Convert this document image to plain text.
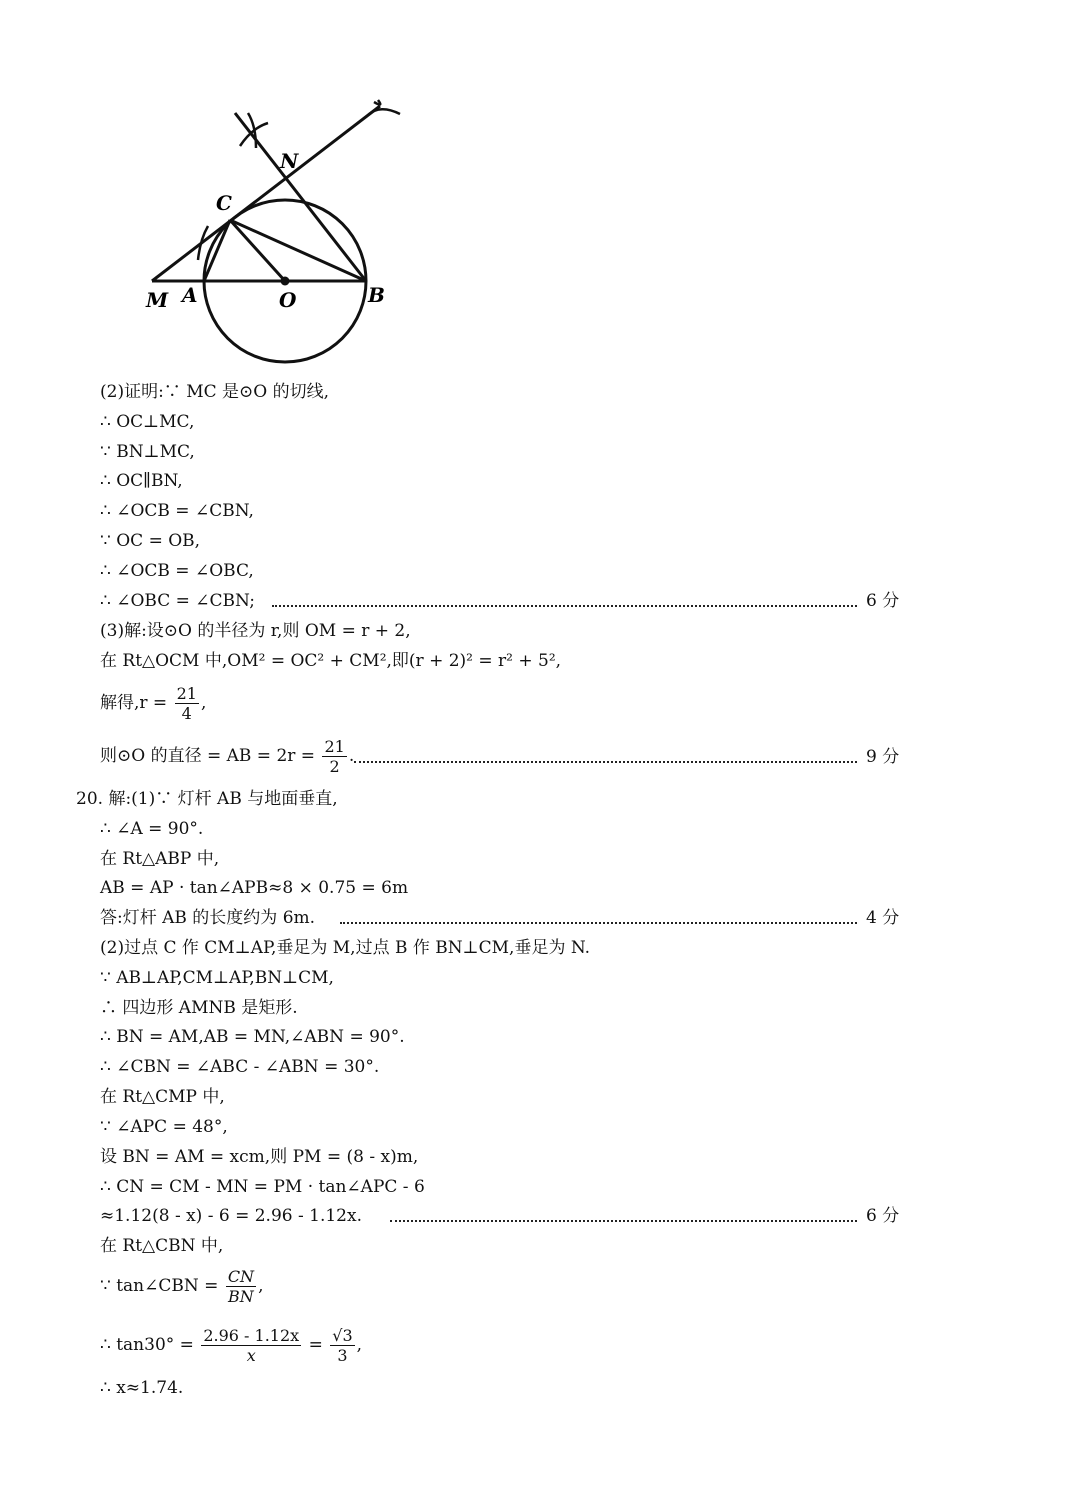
M A	O	B
C
N
(2)证明:∵ MC 是⊙O 的切线,
∴ OC⊥MC,
∵ BN⊥MC,
∴ OC∥BN,
∴ ∠OCB = ∠CBN,
∵ OC = OB,
∴ ∠OCB = ∠OBC,
∴ ∠OBC = ∠CBN;	6 分
(3)解:设⊙O 的半径为 r,则 OM = r + 2,
在 Rt△OCM 中,OM² = OC² + CM²,即(r + 2)² = r² + 5²,
解得$,r = \frac{21}{4}$ ,
则⊙O 的直径 = AB = $2r = \frac{21}{2}$ .	9 分
20. 解:(1)∵ 灯杆 AB 与地面垂直,
∴ ∠A = 90°.
在 Rt△ABP 中,
AB = AP · tan∠APB≈8 × 0.75 = 6m
答:灯杆 AB 的长度约为 6m.	4 分
(2)过点 C 作 CM⊥AP,垂足为 M,过点 B 作 BN⊥CM,垂足为 N.
∵ AB⊥AP,CM⊥AP,BN⊥CM,
∴ 四边形 AMNB 是矩形.
∴ BN = AM,AB = MN,∠ABN = 90°.
∴ ∠CBN = ∠ABC - ∠ABN = 30°.
在 Rt△CMP 中,
∵ ∠APC = 48°,
设 BN = AM = xcm,则 PM = (8 - x)m,
∴ CN = CM - MN = PM · tan∠APC - 6
≈1.12(8 - x) - 6 = 2.96 - 1.12x.	6 分
在 Rt△CBN 中,
∵ tan∠CBN = $\frac{CN}{BN}$ ,
∴ $\tan 30^\circ = \frac{2.96 - 1.12x}{x} = \frac{√3}{3}$ ,
∴ x≈1.74.
